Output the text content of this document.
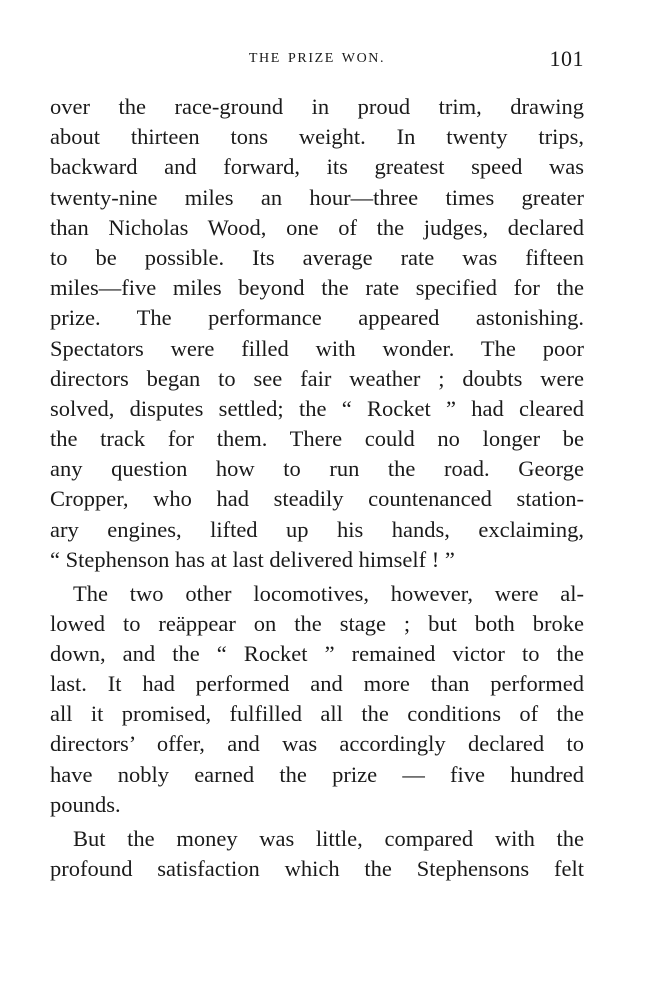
THE PRIZE WON.	101
over the race-ground in proud trim, drawing
about thirteen tons weight. In twenty trips,
backward and forward, its greatest speed was
twenty-nine miles an hour—three times greater
than Nicholas Wood, one of the judges, declared
to be possible. Its average rate was fifteen
miles—five miles beyond the rate specified for the
prize. The performance appeared astonishing.
Spectators were filled with wonder. The poor
directors began to see fair weather ; doubts were
solved, disputes settled; the “ Rocket ” had cleared
the track for them. There could no longer be
any question how to run the road. George
Cropper, who had steadily countenanced station-
ary engines, lifted up his hands, exclaiming,
“ Stephenson has at last delivered himself ! ”
The two other locomotives, however, were al-
lowed to reäppear on the stage ; but both broke
down, and the “ Rocket ” remained victor to the
last. It had performed and more than performed
all it promised, fulfilled all the conditions of the
directors’ offer, and was accordingly declared to
have nobly earned the prize — five hundred
pounds.
But the money was little, compared with the
profound satisfaction which the Stephensons felt
